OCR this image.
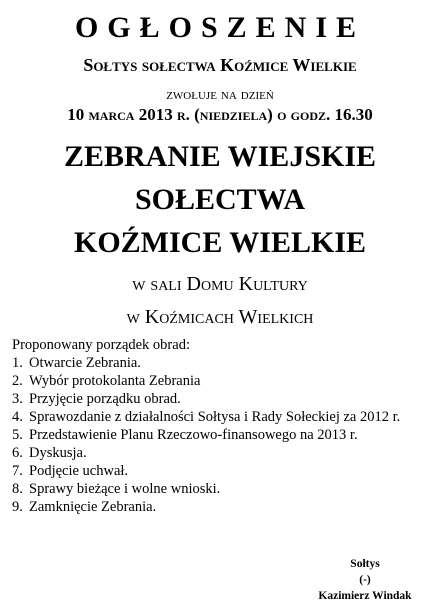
OGŁOSZENIE
Sołtys sołectwa Koźmice Wielkie
zwołuje na dzień
10 marca 2013 r. (niedziela) o godz. 16.30
ZEBRANIE WIEJSKIE
SOŁECTWA
KOŹMICE WIELKIE
w sali Domu Kultury
w Koźmicach Wielkich
Proponowany porządek obrad:
1. Otwarcie Zebrania.
2. Wybór protokolanta Zebrania
3. Przyjęcie porządku obrad.
4. Sprawozdanie z działalności Sołtysa i Rady Sołeckiej za 2012 r.
5. Przedstawienie Planu Rzeczowo-finansowego na 2013 r.
6. Dyskusja.
7. Podjęcie uchwał.
8. Sprawy bieżące i wolne wnioski.
9. Zamknięcie Zebrania.
Sołtys
(-)
Kazimierz Windak
